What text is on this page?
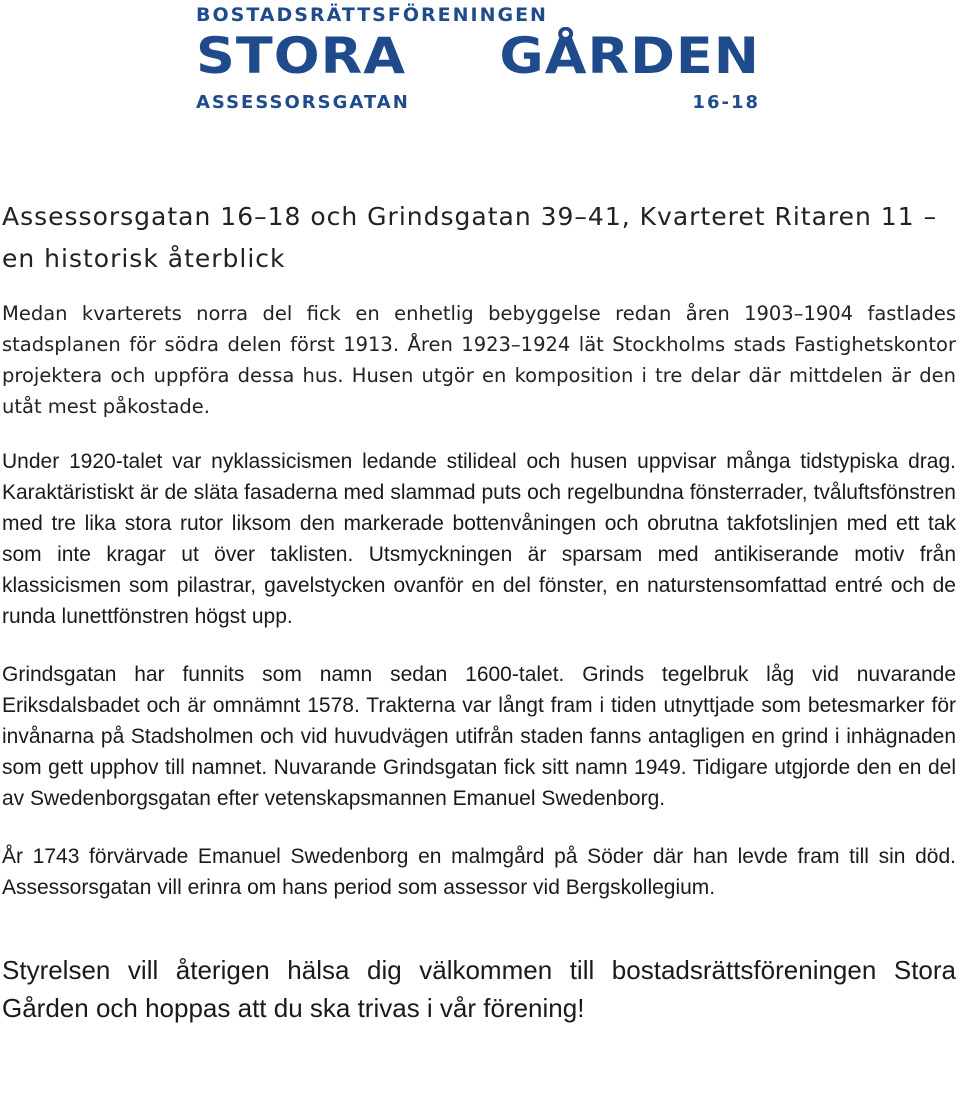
BOSTADSRÄTTSFÖRENINGEN
STORA GÅRDEN
ASSESSORSGATAN 16-18
Assessorsgatan 16–18 och Grindsgatan 39–41, Kvarteret Ritaren 11 – en historisk återblick

Medan kvarterets norra del fick en enhetlig bebyggelse redan åren 1903–1904 fastlades stadsplanen för södra delen först 1913. Åren 1923–1924 lät Stockholms stads Fastighetskontor projektera och uppföra dessa hus. Husen utgör en komposition i tre delar där mittdelen är den utåt mest påkostade.

Under 1920-talet var nyklassicismen ledande stilideal och husen uppvisar många tidstypiska drag. Karaktäristiskt är de släta fasaderna med slammad puts och regelbundna fönsterrader, tvåluftsfönstren med tre lika stora rutor liksom den markerade bottenvåningen och obrutna takfotslinjen med ett tak som inte kragar ut över taklisten. Utsmyckningen är sparsam med antikiserande motiv från klassicismen som pilastrar, gavelstycken ovanför en del fönster, en naturstensomfattad entré och de runda lunettfönstren högst upp.

Grindsgatan har funnits som namn sedan 1600-talet. Grinds tegelbruk låg vid nuvarande Eriksdalsbadet och är omnämnt 1578. Trakterna var långt fram i tiden utnyttjade som betesmarker för invånarna på Stadsholmen och vid huvudvägen utifrån staden fanns antagligen en grind i inhägnaden som gett upphov till namnet. Nuvarande Grindsgatan fick sitt namn 1949. Tidigare utgjorde den en del av Swedenborgsgatan efter vetenskapsmannen Emanuel Swedenborg.

År 1743 förvärvade Emanuel Swedenborg en malmgård på Söder där han levde fram till sin död. Assessorsgatan vill erinra om hans period som assessor vid Bergskollegium.

Styrelsen vill återigen hälsa dig välkommen till bostadsrättsföreningen Stora Gården och hoppas att du ska trivas i vår förening!
